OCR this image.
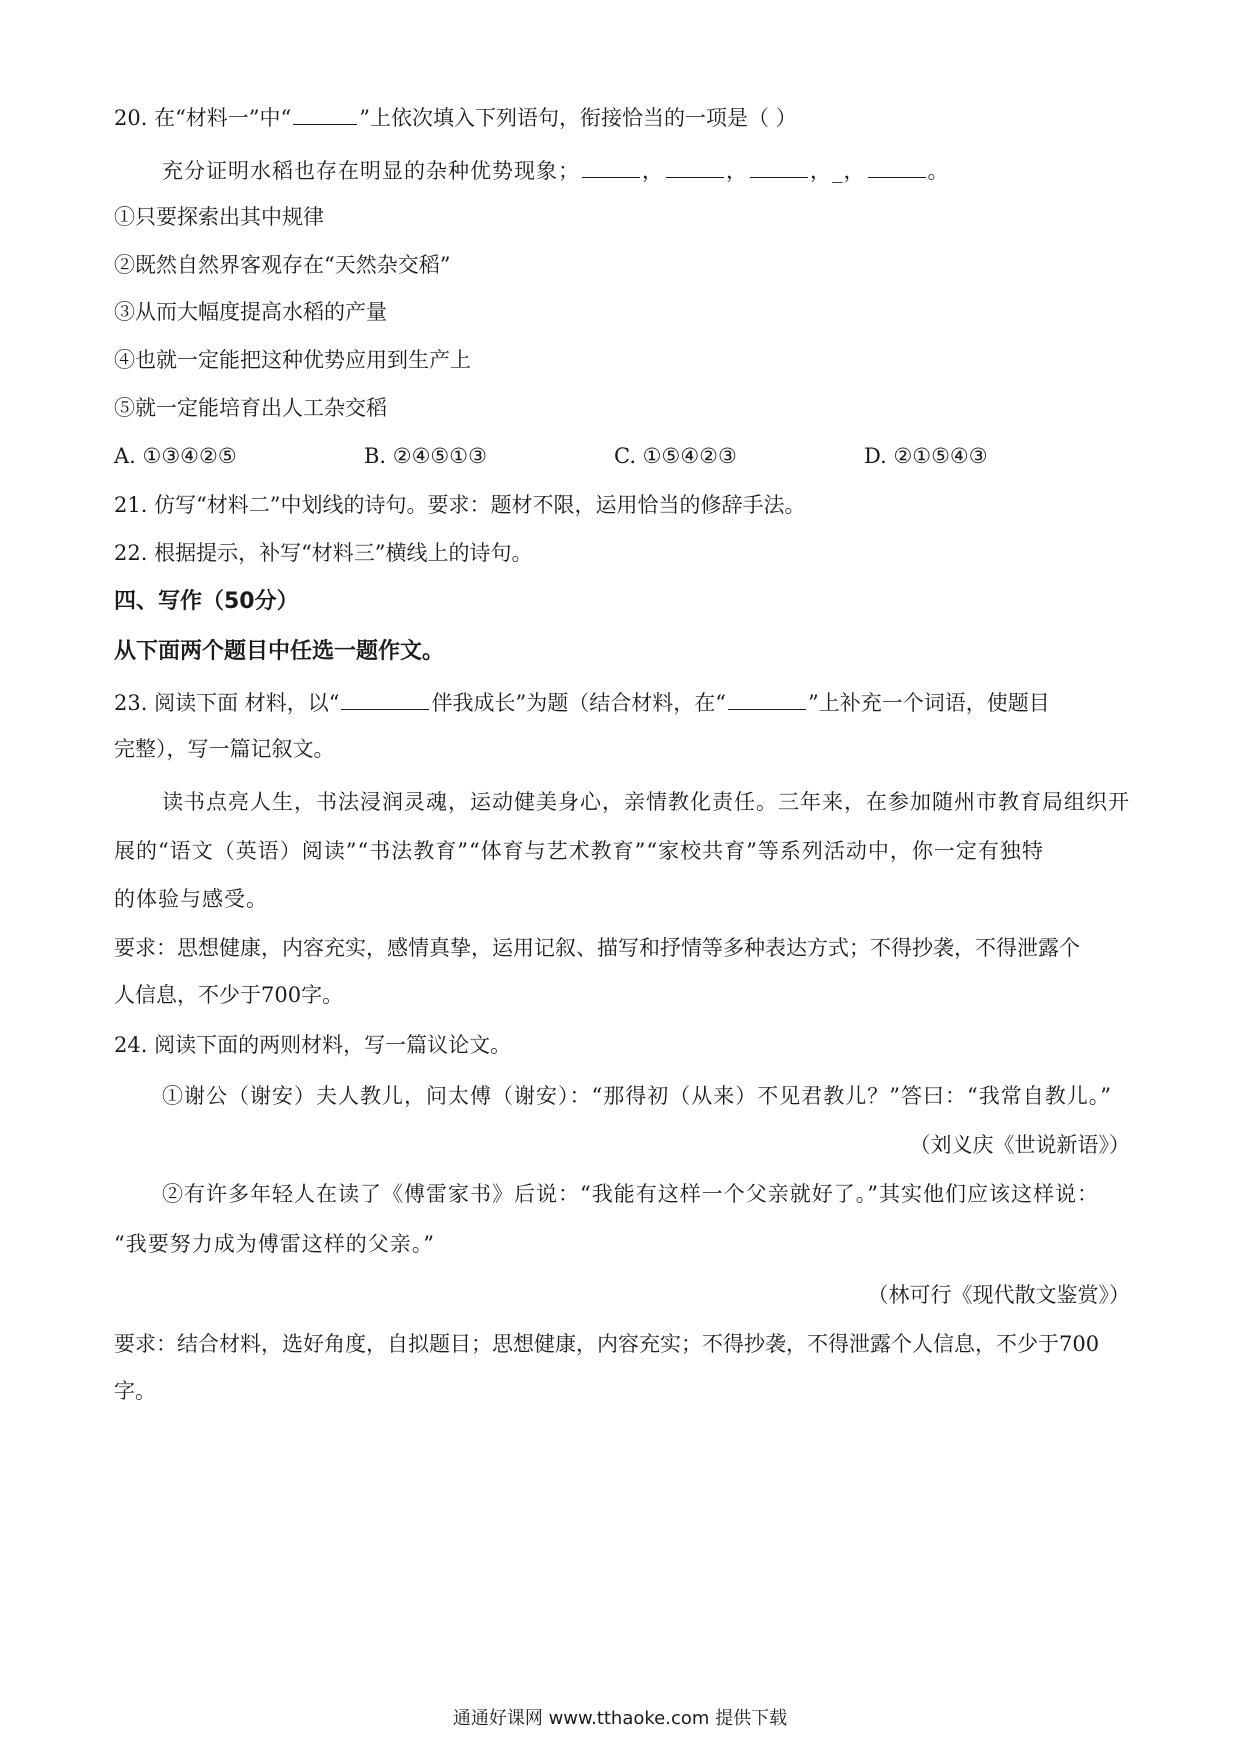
20. 在“材料一”中“	”上依次填入下列语句，衔接恰当的一项是（ ）
充分证明水稻也存在明显的杂种优势现象；	，	，	，_，	。
①只要探索出其中规律
②既然自然界客观存在“天然杂交稻”
③从而大幅度提高水稻的产量
④也就一定能把这种优势应用到生产上
⑤就一定能培育出人工杂交稻
A. ①③④②⑤	B. ②④⑤①③	C. ①⑤④②③	D. ②①⑤④③
21. 仿写“材料二”中划线的诗句。要求：题材不限，运用恰当的修辞手法。
22. 根据提示，补写“材料三”横线上的诗句。
四、写作（50分）
从下面两个题目中任选一题作文。
23. 阅读下面 材料，以“	伴我成长”为题（结合材料，在“	”上补充一个词语，使题目
完整），写一篇记叙文。
读书点亮人生，书法浸润灵魂，运动健美身心，亲情教化责任。三年来，在参加随州市教育局组织开
展的“语文（英语）阅读”“书法教育”“体育与艺术教育”“家校共育”等系列活动中，你一定有独特
的体验与感受。
要求：思想健康，内容充实，感情真挚，运用记叙、描写和抒情等多种表达方式；不得抄袭，不得泄露个
人信息，不少于700字。
24. 阅读下面的两则材料，写一篇议论文。
①谢公（谢安）夫人教儿，问太傅（谢安）：“那得初（从来）不见君教儿？”答曰：“我常自教儿。”
（刘义庆《世说新语》）
②有许多年轻人在读了《傅雷家书》后说：“我能有这样一个父亲就好了。”其实他们应该这样说：
“我要努力成为傅雷这样的父亲。”
（林可行《现代散文鉴赏》）
要求：结合材料，选好角度，自拟题目；思想健康，内容充实；不得抄袭，不得泄露个人信息，不少于700
字。
通通好课网 www.tthaoke.com 提供下载
